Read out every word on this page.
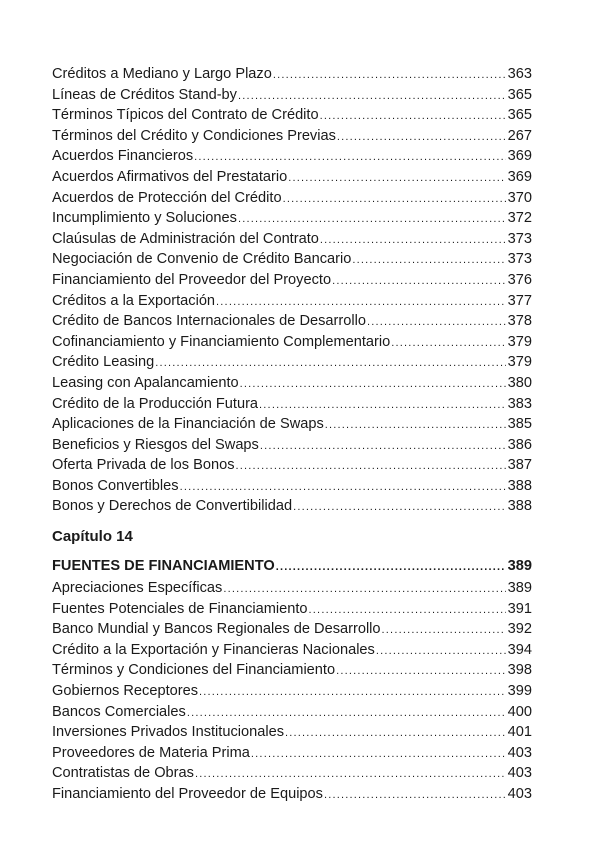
Créditos a Mediano y Largo Plazo .....	363
Líneas de Créditos Stand-by .....	365
Términos Típicos del Contrato de Crédito .....	365
Términos del Crédito y Condiciones Previas .....	267
Acuerdos Financieros .....	369
Acuerdos Afirmativos del Prestatario .....	369
Acuerdos de Protección del Crédito .....	370
Incumplimiento y Soluciones .....	372
Claúsulas de Administración del Contrato .....	373
Negociación de Convenio de Crédito Bancario .....	373
Financiamiento del Proveedor del Proyecto .....	376
Créditos a la Exportación .....	377
Crédito de Bancos Internacionales de Desarrollo .....	378
Cofinanciamiento y Financiamiento Complementario .....	379
Crédito Leasing .....	379
Leasing con Apalancamiento .....	380
Crédito de la Producción Futura .....	383
Aplicaciones de la Financiación de Swaps .....	385
Beneficios y Riesgos del Swaps .....	386
Oferta Privada de los Bonos .....	387
Bonos Convertibles .....	388
Bonos y Derechos de Convertibilidad .....	388
Capítulo 14
FUENTES DE FINANCIAMIENTO .....	389
Apreciaciones Específicas .....	389
Fuentes Potenciales de Financiamiento .....	391
Banco Mundial y Bancos Regionales de Desarrollo .....	392
Crédito a la Exportación y Financieras Nacionales .....	394
Términos y Condiciones del Financiamiento .....	398
Gobiernos Receptores .....	399
Bancos Comerciales .....	400
Inversiones Privados Institucionales .....	401
Proveedores de Materia Prima .....	403
Contratistas de Obras .....	403
Financiamiento del Proveedor de Equipos .....	403
